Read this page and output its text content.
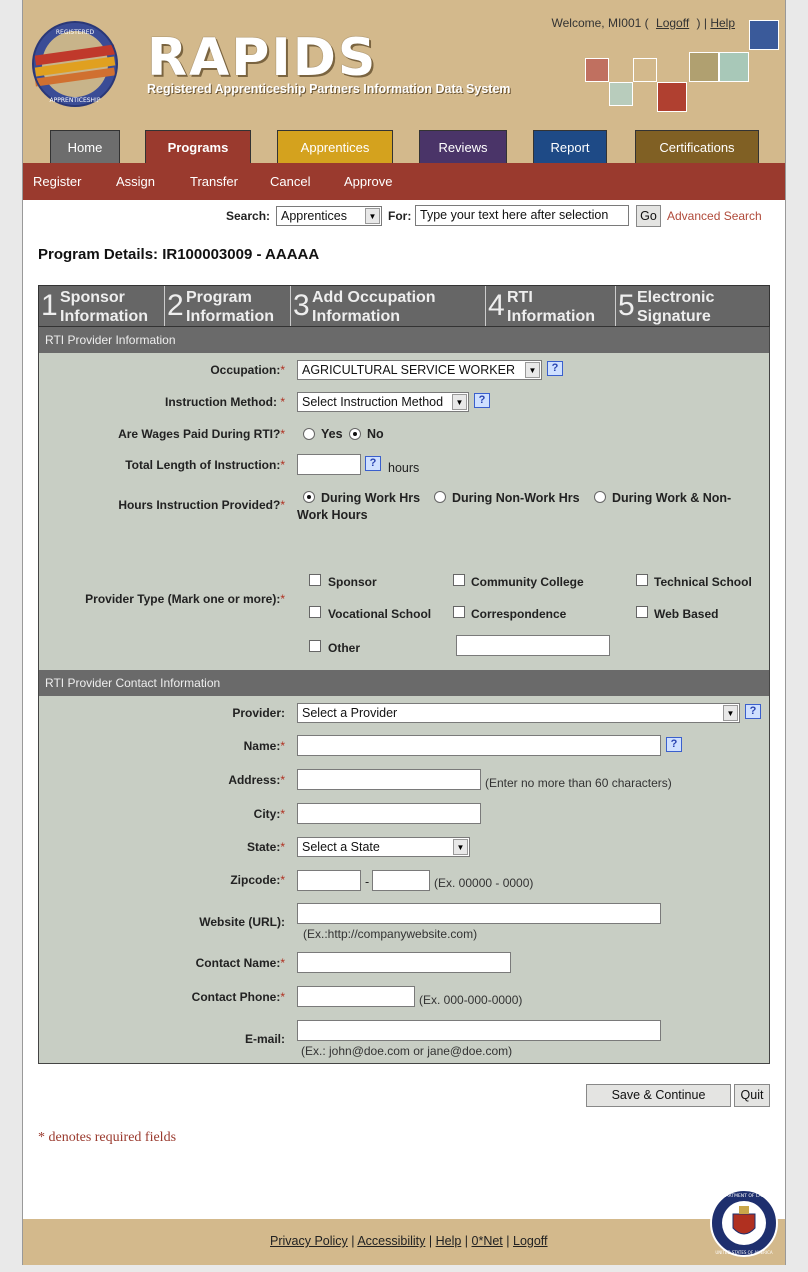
REGISTERED
APPRENTICESHIP
RAPIDS
Registered Apprenticeship Partners Information Data System
Welcome, MI001 ( Logoff ) | Help
Home	Programs	Apprentices	Reviews	Report	Certifications
Register	Assign	Transfer Cancel	Approve
Search: Apprentices	▼ For: Type your text here after selection	Go Advanced Search
Program Details: IR100003009 - AAAAA
1 Sponsor
Information 2 Program
Information 3 Add Occupation
Information	4 RTI
Information 5 Electronic
Signature
RTI Provider Information
Occupation:*	AGRICULTURAL SERVICE WORKER	▼	?
Instruction Method: *	Select Instruction Method	▼	?
Are Wages Paid During RTI?*	Yes No
Total Length of Instruction:*	? hours
Hours Instruction Provided?*	During Work Hrs	During Non-Work Hrs	During Work & Non-
Work Hours
Provider Type (Mark one or more):*
Sponsor	Community College	Technical School
Vocational School	Correspondence	Web Based
Other
RTI Provider Contact Information
Provider:	Select a Provider	▼	?
Name:*	?
Address:*	(Enter no more than 60 characters)
City:*
State:*	Select a State	▼
Zipcode:*	-	(Ex. 00000 - 0000)
Website (URL):
(Ex.:http://companywebsite.com)
Contact Name:*
Contact Phone:*	(Ex. 000-000-0000)
E-mail:
(Ex.: john@doe.com or jane@doe.com)
Save & Continue	Quit
* denotes required fields
Privacy Policy | Accessibility | Help | 0*Net | Logoff
DEPARTMENT OF LABOR
UNITED STATES OF AMERICA
